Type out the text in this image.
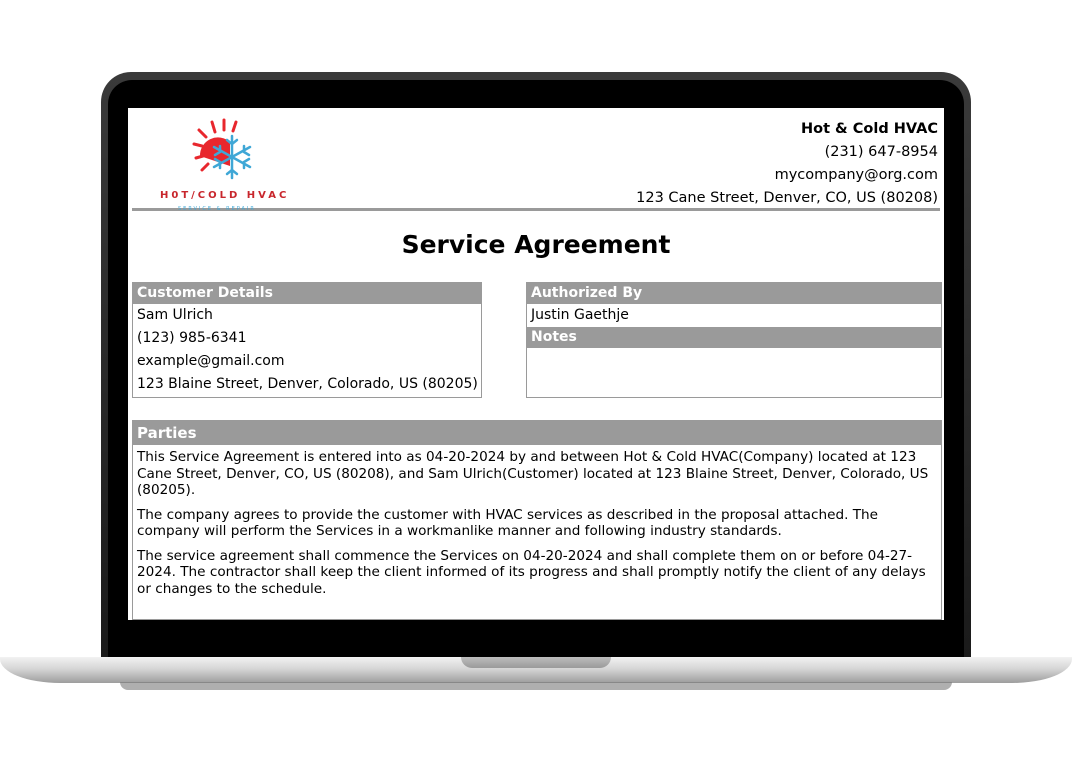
H0T/COLD HVAC
SERVICE & REPAIR
Hot & Cold HVAC
(231) 647-8954
mycompany@org.com
123 Cane Street, Denver, CO, US (80208)
Service Agreement
Customer Details
Sam Ulrich
(123) 985-6341
example@gmail.com
123 Blaine Street, Denver, Colorado, US (80205)
Authorized By
Justin Gaethje
Notes
Parties

This Service Agreement is entered into as 04-20-2024 by and between Hot & Cold HVAC(Company) located at 123 Cane Street, Denver, CO, US (80208), and Sam Ulrich(Customer) located at 123 Blaine Street, Denver, Colorado, US (80205).

The company agrees to provide the customer with HVAC services as described in the proposal attached. The company will perform the Services in a workmanlike manner and following industry standards.

The service agreement shall commence the Services on 04-20-2024 and shall complete them on or before 04-27-2024. The contractor shall keep the client informed of its progress and shall promptly notify the client of any delays or changes to the schedule.
